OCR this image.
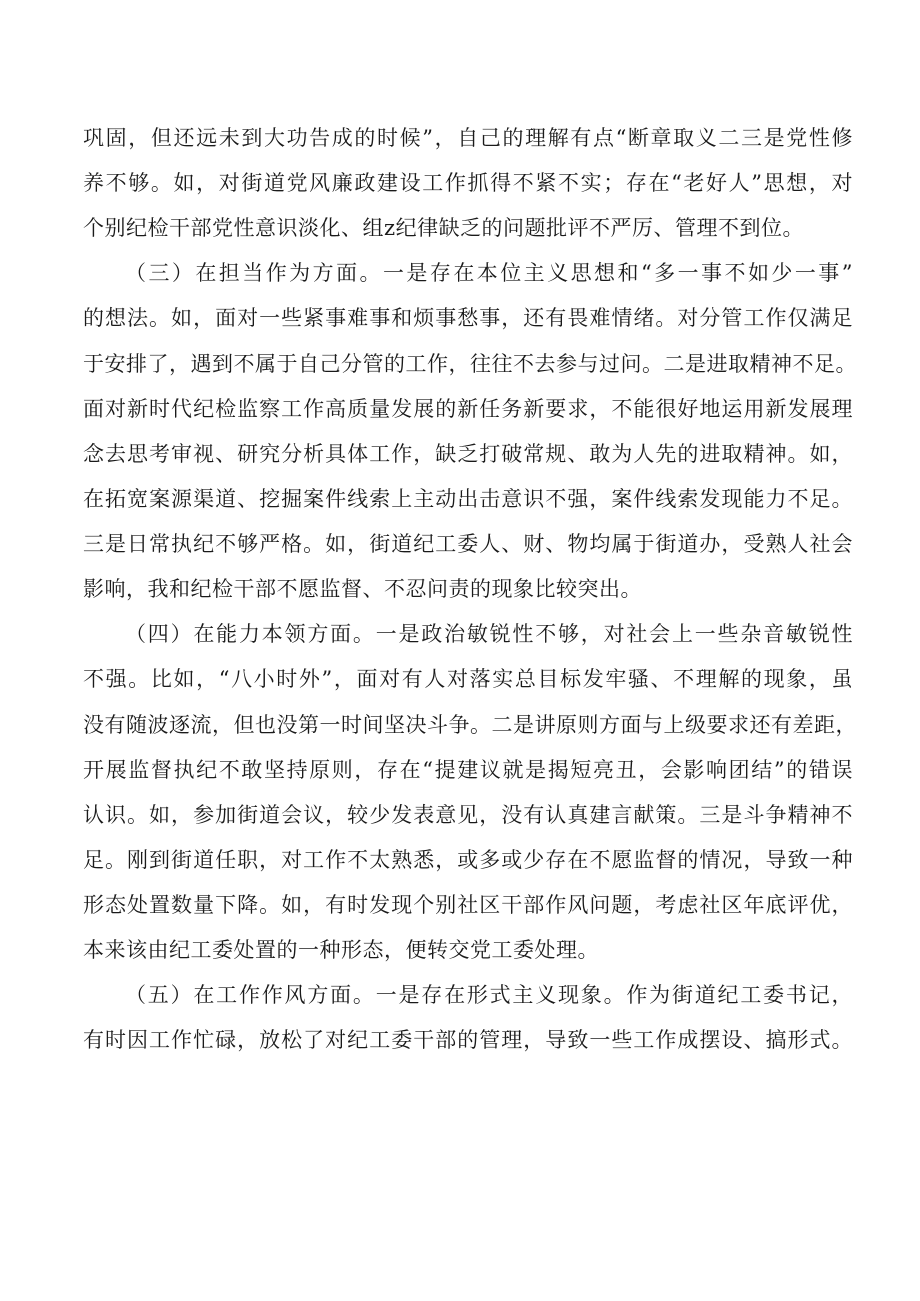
巩固，但还远未到大功告成的时候”，自己的理解有点“断章取义二三是党性修
养不够。如，对街道党风廉政建设工作抓得不紧不实；存在“老好人”思想，对
个别纪检干部党性意识淡化、组z纪律缺乏的问题批评不严厉、管理不到位。
（三）在担当作为方面。一是存在本位主义思想和“多一事不如少一事”
的想法。如，面对一些紧事难事和烦事愁事，还有畏难情绪。对分管工作仅满足
于安排了，遇到不属于自己分管的工作，往往不去参与过问。二是进取精神不足。
面对新时代纪检监察工作高质量发展的新任务新要求，不能很好地运用新发展理
念去思考审视、研究分析具体工作，缺乏打破常规、敢为人先的进取精神。如，
在拓宽案源渠道、挖掘案件线索上主动出击意识不强，案件线索发现能力不足。
三是日常执纪不够严格。如，街道纪工委人、财、物均属于街道办，受熟人社会
影响，我和纪检干部不愿监督、不忍问责的现象比较突出。
（四）在能力本领方面。一是政治敏锐性不够，对社会上一些杂音敏锐性
不强。比如，“八小时外”，面对有人对落实总目标发牢骚、不理解的现象，虽
没有随波逐流，但也没第一时间坚决斗争。二是讲原则方面与上级要求还有差距，
开展监督执纪不敢坚持原则，存在“提建议就是揭短亮丑，会影响团结”的错误
认识。如，参加街道会议，较少发表意见，没有认真建言献策。三是斗争精神不
足。刚到街道任职，对工作不太熟悉，或多或少存在不愿监督的情况，导致一种
形态处置数量下降。如，有时发现个别社区干部作风问题，考虑社区年底评优，
本来该由纪工委处置的一种形态，便转交党工委处理。
（五）在工作作风方面。一是存在形式主义现象。作为街道纪工委书记，
有时因工作忙碌，放松了对纪工委干部的管理，导致一些工作成摆设、搞形式。
